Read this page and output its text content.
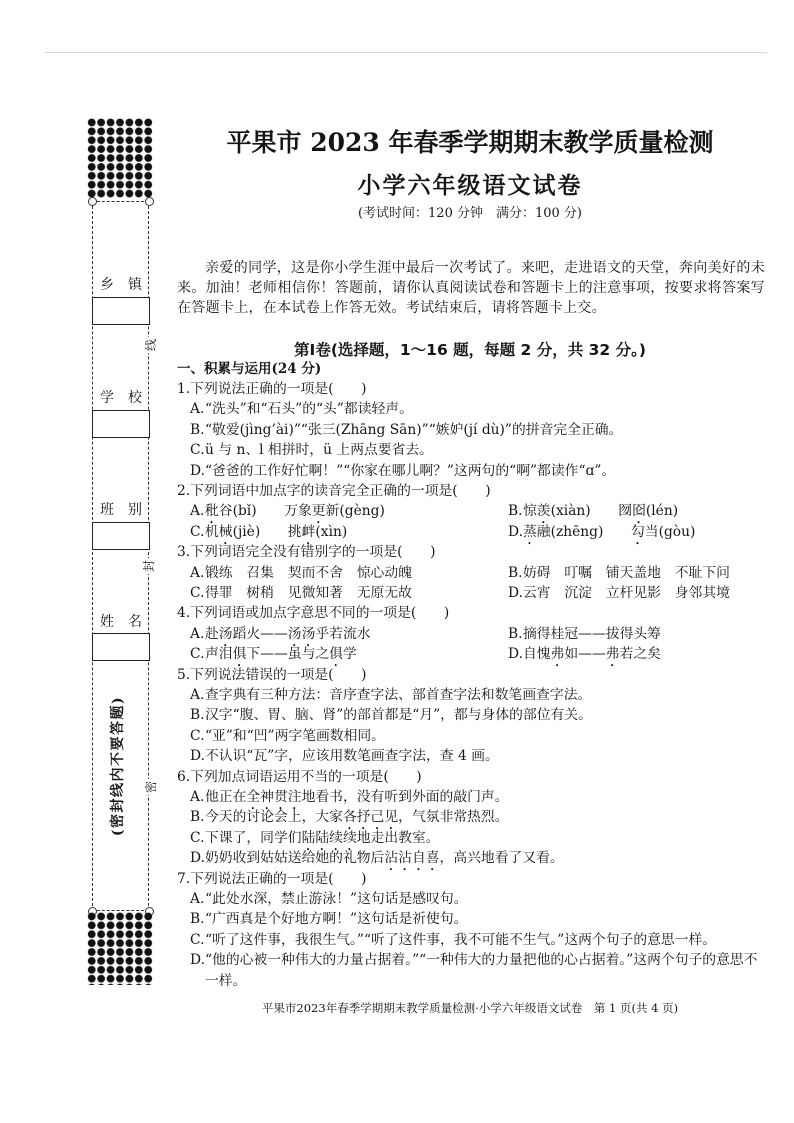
乡　镇
学　校
班　别
姓　名
线
封
密
(密封线内不要答题)
平果市 2023 年春季学期期末教学质量检测
小学六年级语文试卷
(考试时间：120 分钟　满分：100 分)
亲爱的同学，这是你小学生涯中最后一次考试了。来吧，走进语文的天堂，奔向美好的未来。加油！老师相信你！答题前，请你认真阅读试卷和答题卡上的注意事项，按要求将答案写在答题卡上，在本试卷上作答无效。考试结束后，请将答题卡上交。
第Ⅰ卷(选择题，1～16 题，每题 2 分，共 32 分。)
一、积累与运用(24 分)
1. 下列说法正确的一项是(　　)
A. “洗头”和“石头”的“头”都读轻声。
B. “敬爱(jìng’ài)”“张三(Zhāng Sān)”“嫉妒(jí dù)”的拼音完全正确。
C. ü 与 n、l 相拼时，ü 上两点要省去。
D. “爸爸的工作好忙啊！”“你家在哪儿啊？”这两句的“啊”都读作“ɑ”。
2. 下列词语中加点字的读音完全正确的一项是(　　)
A. 秕谷(bǐ)　　万象更新(gèng)	B. 惊羡(xiàn)　　囫囵(lén)
C. 机械(jiè)　　挑衅(xìn)	D. 蒸融(zhēng)　　勾当(gòu)
3. 下列词语完全没有错别字的一项是(　　)
A. 锻练　召集　契而不舍　惊心动魄	B. 妨碍　叮嘱　铺天盖地　不耻下问
C. 得罪　树稍　见微知著　无原无故	D. 云宵　沉淀　立杆见影　身邻其境
4. 下列词语或加点字意思不同的一项是(　　)
A. 赴汤蹈火——汤汤乎若流水	B. 摘得桂冠——拔得头筹
C. 声泪俱下——虽与之俱学	D. 自愧弗如——弗若之矣
5. 下列说法错误的一项是(　　)
A. 查字典有三种方法：音序查字法、部首查字法和数笔画查字法。
B. 汉字“腹、胃、脑、肾”的部首都是“月”，都与身体的部位有关。
C. “亚”和“凹”两字笔画数相同。
D. 不认识“瓦”字，应该用数笔画查字法，查 4 画。
6. 下列加点词语运用不当的一项是(　　)
A. 他正在全神贯注地看书，没有听到外面的敲门声。
B. 今天的讨论会上，大家各抒己见，气氛非常热烈。
C. 下课了，同学们陆陆续续地走出教室。
D. 奶奶收到姑姑送给她的礼物后沾沾自喜，高兴地看了又看。
7. 下列说法正确的一项是(　　)
A. “此处水深，禁止游泳！”这句话是感叹句。
B. “广西真是个好地方啊！”这句话是祈使句。
C. “听了这件事，我很生气。”“听了这件事，我不可能不生气。”这两个句子的意思一样。
D. “他的心被一种伟大的力量占据着。”“一种伟大的力量把他的心占据着。”这两个句子的意思不一样。
平果市2023年春季学期期末教学质量检测·小学六年级语文试卷　第 1 页(共 4 页)
